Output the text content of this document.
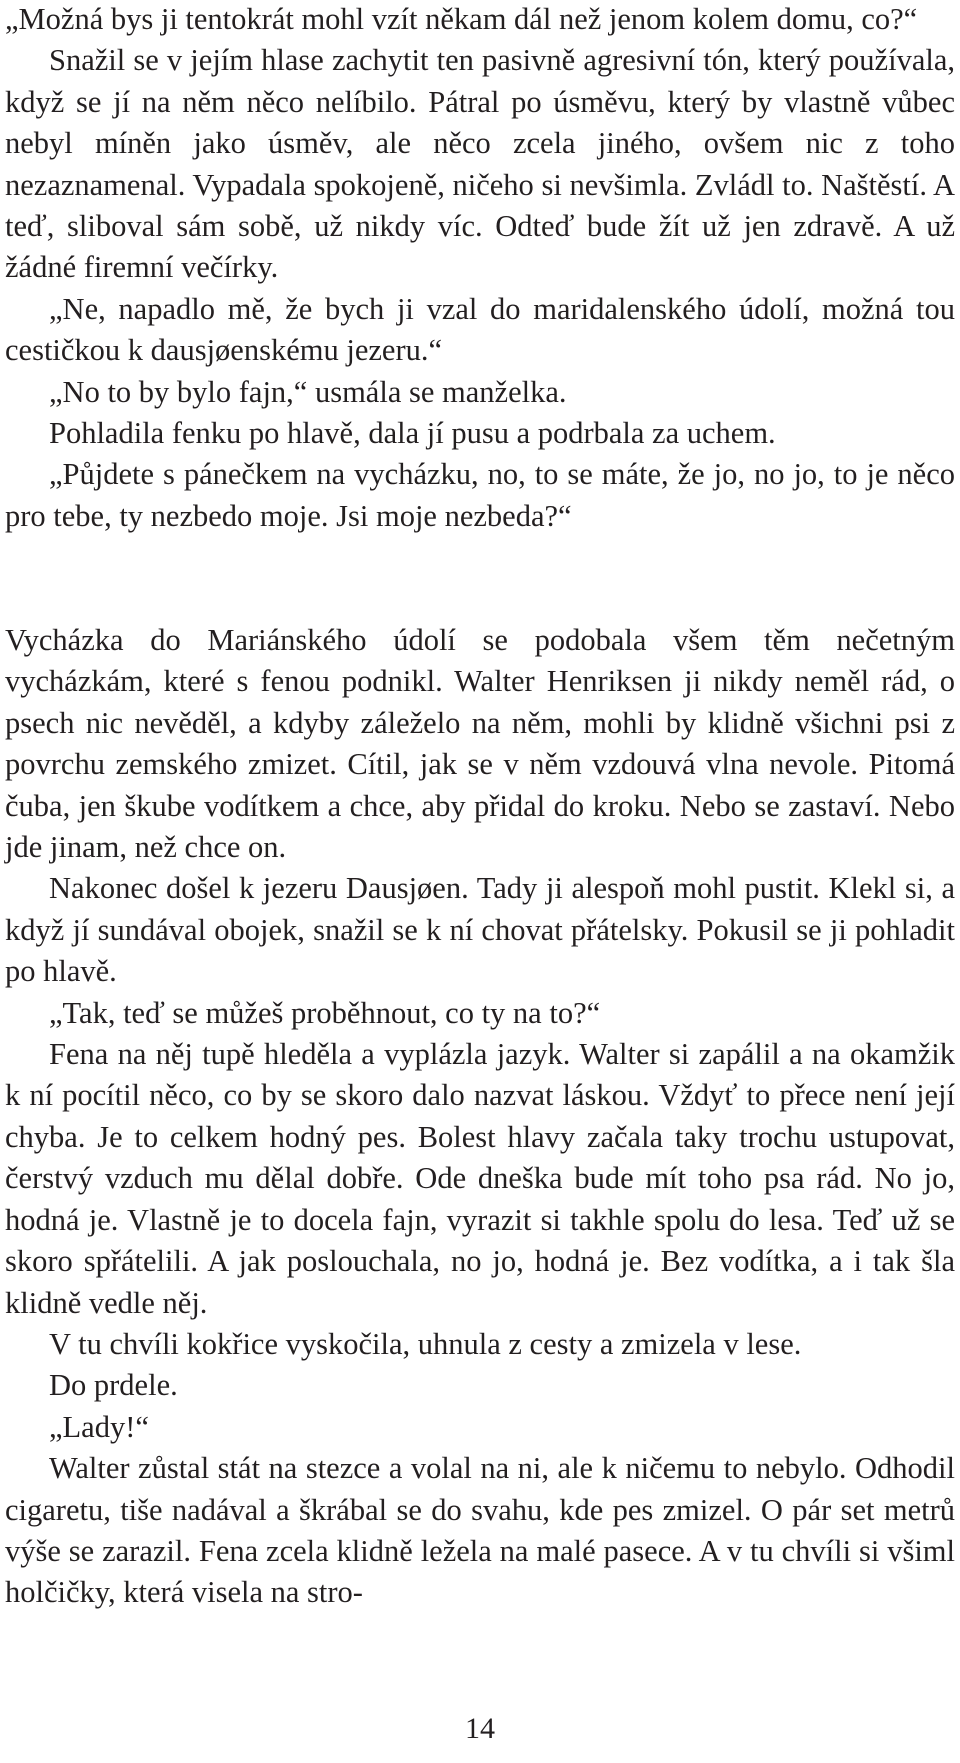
„Možná bys ji tentokrát mohl vzít někam dál než jenom kolem domu, co?“

Snažil se v jejím hlase zachytit ten pasivně agresivní tón, který používala, když se jí na něm něco nelíbilo. Pátral po úsměvu, který by vlastně vůbec nebyl míněn jako úsměv, ale něco zcela jiného, ovšem nic z toho nezaznamenal. Vypadala spokojeně, ničeho si nevšimla. Zvládl to. Naštěstí. A teď, sliboval sám sobě, už nikdy víc. Odteď bude žít už jen zdravě. A už žádné firemní večírky.

„Ne, napadlo mě, že bych ji vzal do maridalenského údolí, možná tou cestičkou k dausjøenskému jezeru.“

„No to by bylo fajn,“ usmála se manželka.

Pohladila fenku po hlavě, dala jí pusu a podrbala za uchem.

„Půjdete s pánečkem na vycházku, no, to se máte, že jo, no jo, to je něco pro tebe, ty nezbedo moje. Jsi moje nezbeda?“

Vycházka do Mariánského údolí se podobala všem těm nečetným vycházkám, které s fenou podnikl. Walter Henriksen ji nikdy neměl rád, o psech nic nevěděl, a kdyby záleželo na něm, mohli by klidně všichni psi z povrchu zemského zmizet. Cítil, jak se v něm vzdouvá vlna nevole. Pitomá čuba, jen škube vodítkem a chce, aby přidal do kroku. Nebo se zastaví. Nebo jde jinam, než chce on.

Nakonec došel k jezeru Dausjøen. Tady ji alespoň mohl pustit. Klekl si, a když jí sundával obojek, snažil se k ní chovat přátelsky. Pokusil se ji pohladit po hlavě.

„Tak, teď se můžeš proběhnout, co ty na to?“

Fena na něj tupě hleděla a vyplázla jazyk. Walter si zapálil a na okamžik k ní pocítil něco, co by se skoro dalo nazvat láskou. Vždyť to přece není její chyba. Je to celkem hodný pes. Bolest hlavy začala taky trochu ustupovat, čerstvý vzduch mu dělal dobře. Ode dneška bude mít toho psa rád. No jo, hodná je. Vlastně je to docela fajn, vyrazit si takhle spolu do lesa. Teď už se skoro spřátelili. A jak poslouchala, no jo, hodná je. Bez vodítka, a i tak šla klidně vedle něj.

V tu chvíli kokřice vyskočila, uhnula z cesty a zmizela v lese.

Do prdele.

„Lady!“

Walter zůstal stát na stezce a volal na ni, ale k ničemu to nebylo. Odhodil cigaretu, tiše nadával a škrábal se do svahu, kde pes zmizel. O pár set metrů výše se zarazil. Fena zcela klidně ležela na malé pasece. A v tu chvíli si všiml holčičky, která visela na stro-

14
